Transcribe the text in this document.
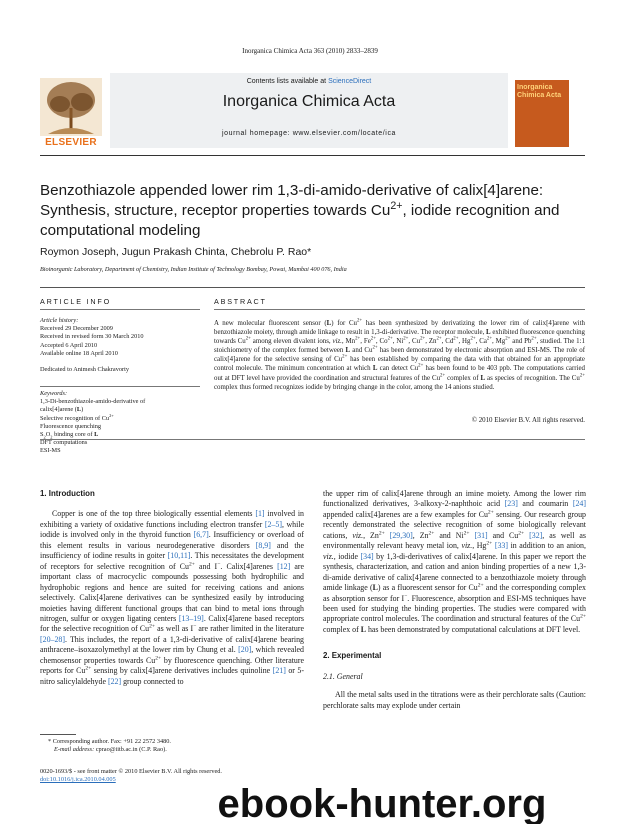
Inorganica Chimica Acta 363 (2010) 2833–2839
ELSEVIER
Contents lists available at ScienceDirect
Inorganica Chimica Acta
journal homepage: www.elsevier.com/locate/ica
Inorganica Chimica Acta
Benzothiazole appended lower rim 1,3-di-amido-derivative of calix[4]arene:
Synthesis, structure, receptor properties towards $Cu^{2+}$, iodide recognition and
computational modeling
Roymon Joseph, Jugun Prakash Chinta, Chebrolu P. Rao*
Bioinorganic Laboratory, Department of Chemistry, Indian Institute of Technology Bombay, Powai, Mumbai 400 076, India
ARTICLE INFO
Article history:
Received 29 December 2009
Received in revised form 30 March 2010
Accepted 6 April 2010
Available online 18 April 2010
Dedicated to Animesh Chakravorty
Keywords:
1,3-Di-benzothiazole-amido-derivative of
calix[4]arene (L)
Selective recognition of $Cu^{2+}$
Fluorescence quenching
$S_2O_2$ binding core of L
DFT computations
ESI-MS
ABSTRACT
A new molecular fluorescent sensor (L) for $Cu^{2+}$ has been synthesized by derivatizing the lower rim of calix[4]arene with benzothiazole moiety, through amide linkage to result in 1,3-di-derivative. The receptor molecule, L exhibited fluorescence quenching towards $Cu^{2+}$ among eleven divalent ions, viz., $Mn^{2+}$, $Fe^{2+}$, $Co^{2+}$, $Ni^{2+}$, $Cu^{2+}$, $Zn^{2+}$, $Cd^{2+}$, $Hg^{2+}$, $Ca^{2+}$, $Mg^{2+}$ and $Pb^{2+}$, studied. The 1:1 stoichiometry of the complex formed between L and $Cu^{2+}$ has been demonstrated by electronic absorption and ESI-MS. The role of calix[4]arene for the selective sensing of $Cu^{2+}$ has been established by comparing the data with that obtained for an appropriate control molecule. The minimum concentration at which L can detect $Cu^{2+}$ has been found to be 403 ppb. The computations carried out at DFT level have provided the coordination and structural features of the $Cu^{2+}$ complex of L as species of recognition. The $Cu^{2+}$ complex thus formed recognizes iodide by bringing change in the color, among the 14 anions studied.
© 2010 Elsevier B.V. All rights reserved.
1. Introduction

Copper is one of the top three biologically essential elements [1] involved in exhibiting a variety of oxidative functions including electron transfer [2–5], while iodide is involved only in the thyroid function [6,7]. Insufficiency or overload of this element results in various neurodegenerative disorders [8,9] and the insufficiency of iodine results in goiter [10,11]. This necessitates the development of receptors for selective recognition of $Cu^{2+}$ and I−. Calix[4]arenes [12] are important class of macrocyclic compounds possessing both hydrophilic and hydrophobic regions and hence are suited for receiving cations and anions selectively. Calix[4]arene derivatives can be synthesized easily by introducing moieties having different functional groups that can bind to metal ions through nitrogen, sulfur or oxygen ligating centers [13–19]. Calix[4]arene based receptors for the selective recognition of $Cu^{2+}$ as well as I− are rather limited in the literature [20–28]. This includes, the report of a 1,3-di-derivative of calix[4]arene bearing anthracene–isoxazolymethyl at the lower rim by Chung et al. [20], which revealed chemosensor properties towards $Cu^{2+}$ by fluorescence quenching. Other literature reports for $Cu^{2+}$ sensing by calix[4]arene derivatives includes quinoline [21] or 5-nitro salicylaldehyde [22] group connected to

the upper rim of calix[4]arene through an imine moiety. Among the lower rim functionalized derivatives, 3-alkoxy-2-naphthoic acid [23] and coumarin [24] appended calix[4]arenes are a few examples for $Cu^{2+}$ sensing. Our research group recently demonstrated the selective recognition of some biologically relevant cations, viz., $Zn^{2+}$ [29,30], $Zn^{2+}$ and $Ni^{2+}$ [31] and $Cu^{2+}$ [32], as well as environmentally relevant heavy metal ion, viz., $Hg^{2+}$ [33] in addition to an anion, viz., iodide [34] by 1,3-di-derivatives of calix[4]arene. In this paper we report the synthesis, characterization, and cation and anion binding properties of a new 1,3-di-amide derivative of calix[4]arene connected to a benzothiazole moiety through amide linkage (L) as a fluorescent sensor for $Cu^{2+}$ and the corresponding complex as absorption sensor for I−. Fluorescence, absorption and ESI-MS techniques have been used for studying the binding properties. The studies were compared with appropriate control molecules. The coordination and structural features of the $Cu^{2+}$ complex of L has been demonstrated by computational calculations at DFT level.

2. Experimental
2.1. General

All the metal salts used in the titrations were as their perchlorate salts (Caution: perchlorate salts may explode under certain

* Corresponding author. Fax: +91 22 2572 3480.
E-mail address: cprao@iitb.ac.in (C.P. Rao).
0020-1693/$ - see front matter © 2010 Elsevier B.V. All rights reserved.
doi:10.1016/j.ica.2010.04.005
ebook-hunter.org
